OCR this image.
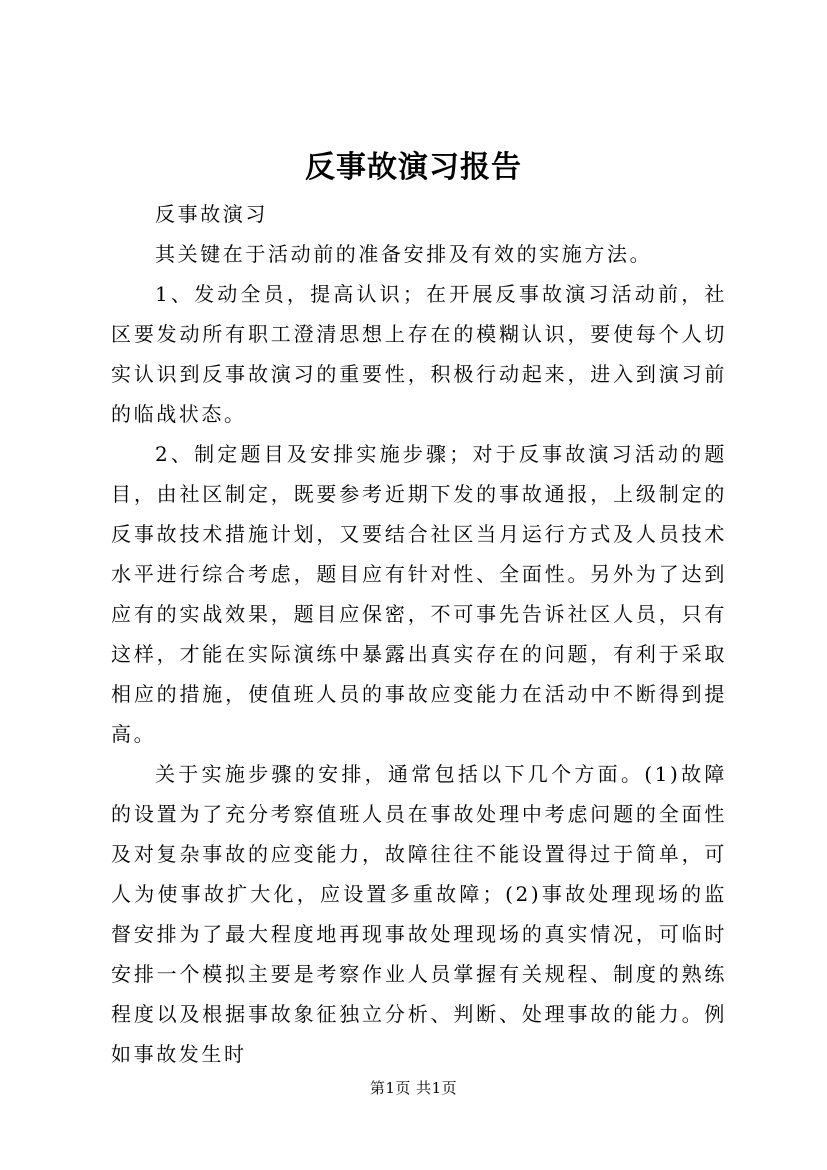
反事故演习报告

反事故演习

其关键在于活动前的准备安排及有效的实施方法。

1、发动全员，提高认识；在开展反事故演习活动前，社区要发动所有职工澄清思想上存在的模糊认识，要使每个人切实认识到反事故演习的重要性，积极行动起来，进入到演习前的临战状态。

2、制定题目及安排实施步骤；对于反事故演习活动的题目，由社区制定，既要参考近期下发的事故通报，上级制定的反事故技术措施计划，又要结合社区当月运行方式及人员技术水平进行综合考虑，题目应有针对性、全面性。另外为了达到应有的实战效果，题目应保密，不可事先告诉社区人员，只有这样，才能在实际演练中暴露出真实存在的问题，有利于采取相应的措施，使值班人员的事故应变能力在活动中不断得到提高。

关于实施步骤的安排，通常包括以下几个方面。(1)故障的设置为了充分考察值班人员在事故处理中考虑问题的全面性及对复杂事故的应变能力，故障往往不能设置得过于简单，可人为使事故扩大化，应设置多重故障；(2)事故处理现场的监督安排为了最大程度地再现事故处理现场的真实情况，可临时安排一个模拟主要是考察作业人员掌握有关规程、制度的熟练程度以及根据事故象征独立分析、判断、处理事故的能力。例如事故发生时

第1页 共1页
